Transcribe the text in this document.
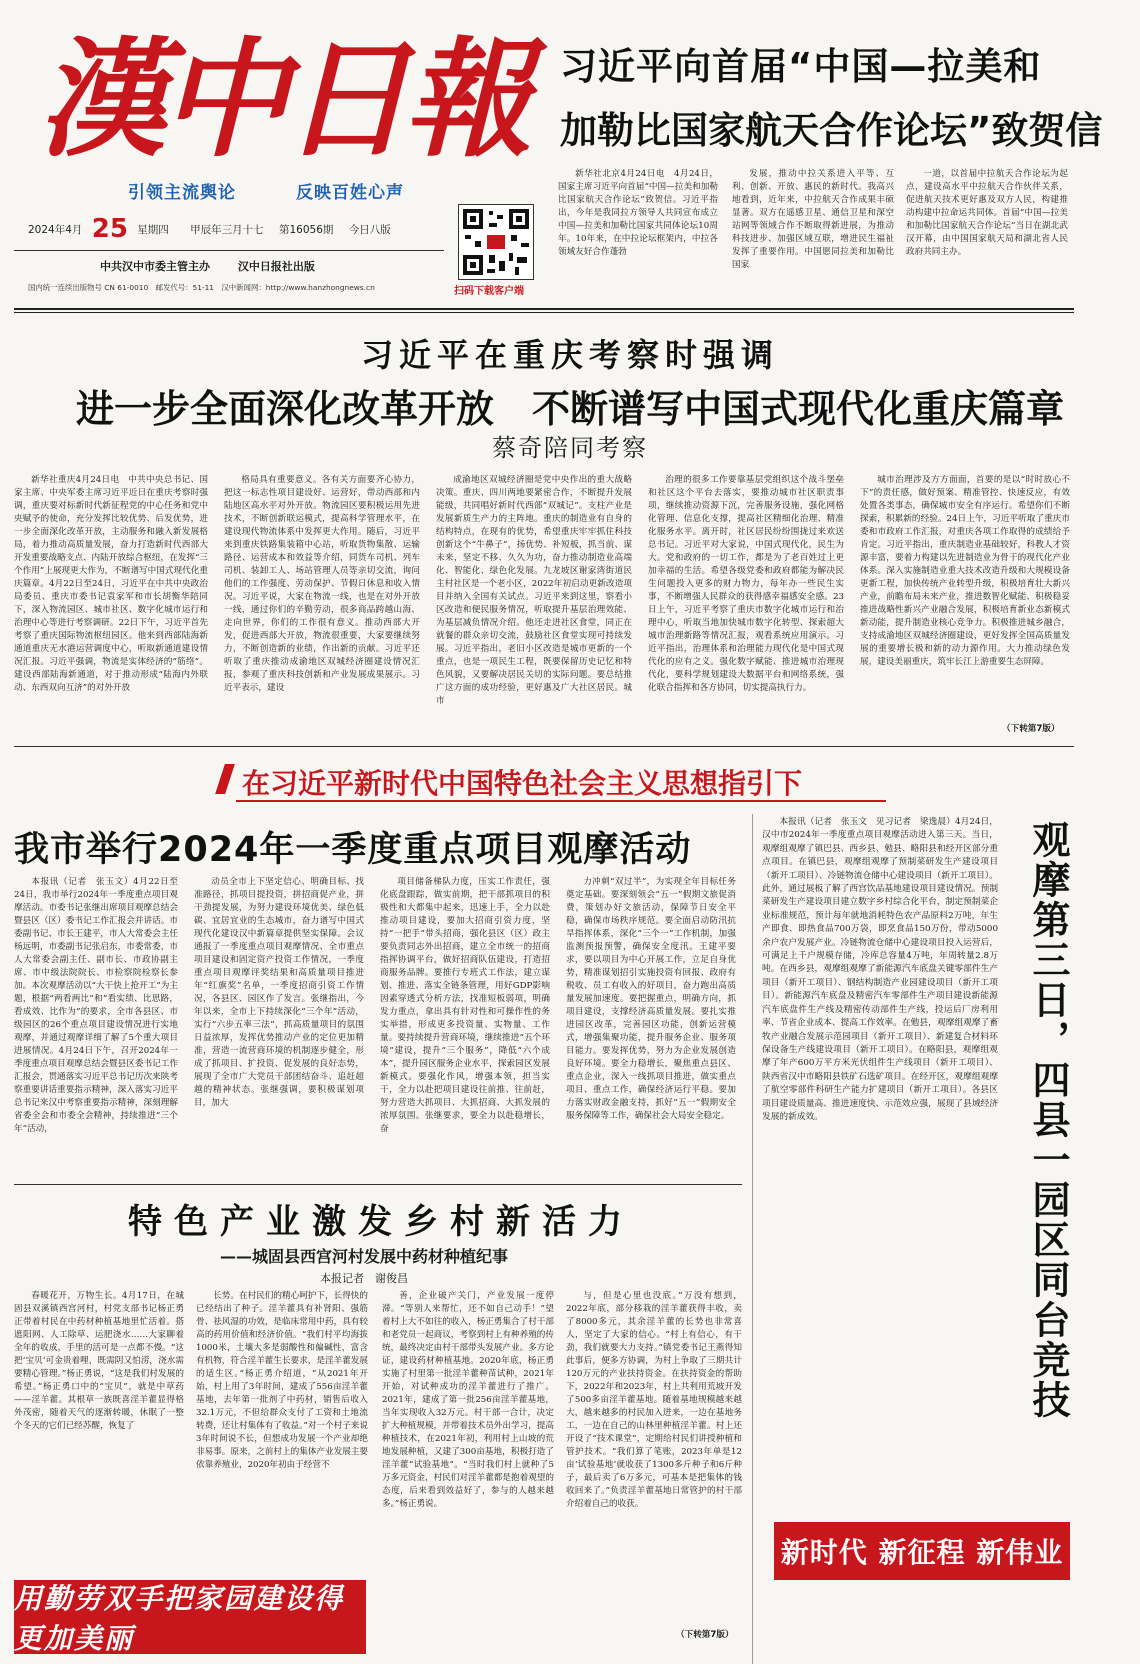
漢中日報
引领主流舆论	反映百姓心声
2024年4月 25 星期四 甲辰年三月十七 第16056期 今日八版
中共汉中市委主管主办	汉中日报社出版
国内统一连续出版物号 CN 61-0010　邮发代号：51-11　汉中新闻网：http://www.hanzhongnews.cn	扫码下载客户端
习近平向首届“中国—拉美和
加勒比国家航天合作论坛”致贺信

新华社北京4月24日电　4月24日，国家主席习近平向首届“中国—拉美和加勒比国家航天合作论坛”致贺信。习近平指出，今年是我同拉方领导人共同宣布成立中国—拉美和加勒比国家共同体论坛10周年。10年来，在中拉论坛框架内，中拉各领域友好合作蓬勃

发展，推动中拉关系进入平等、互利、创新、开放、惠民的新时代。我高兴地看到，近年来，中拉航天合作成果丰硕显著。双方在遥感卫星、通信卫星和深空站网等领域合作不断取得新进展，为推动科技进步、加强区域互联，增进民生福祉发挥了重要作用。中国愿同拉美和加勒比国家

一道，以首届中拉航天合作论坛为起点，建设高水平中拉航天合作伙伴关系，促进航天技术更好惠及双方人民，构建推动构建中拉命运共同体。首届“中国—拉美和加勒比国家航天合作论坛”当日在湖北武汉开幕，由中国国家航天局和湖北省人民政府共同主办。

习近平在重庆考察时强调
进一步全面深化改革开放　不断谱写中国式现代化重庆篇章
蔡奇陪同考察

新华社重庆4月24日电　中共中央总书记、国家主席、中央军委主席习近平近日在重庆考察时强调，重庆要对标新时代新征程党的中心任务和党中央赋予的使命，充分发挥比较优势、后发优势，进一步全面深化改革开放，主动服务和融入新发展格局，着力推动高质量发展，奋力打造新时代西部大开发重要战略支点、内陆开放综合枢纽，在发挥“三个作用”上展现更大作为，不断谱写中国式现代化重庆篇章。4月22日至24日，习近平在中共中央政治局委员、重庆市委书记袁家军和市长胡衡华陪同下，深入物流园区、城市社区、数字化城市运行和治理中心等进行考察调研。22日下午，习近平首先考察了重庆国际物流枢纽园区。他来到西部陆海新通道重庆无水港运营调度中心，听取新通道建设情况汇报。习近平强调，物流是实体经济的“筋络”。建设西部陆海新通道，对于推动形成“陆海内外联动、东西双向互济”的对外开放

格局具有重要意义。各有关方面要齐心协力，把这一标志性项目建设好、运营好，带动西部和内陆地区高水平对外开放。物流园区要积极运用先进技术，不断创新联运模式，提高科学管理水平，在建设现代物流体系中发挥更大作用。随后，习近平来到重庆铁路集装箱中心站，听取货物集散、运输路径、运营成本和效益等介绍，同货车司机、列车司机、装卸工人、场站管理人员等亲切交流，询问他们的工作强度、劳动保护、节假日休息和收入情况。习近平说，大家在物流一线，也是在对外开放一线，通过你们的辛勤劳动，很多商品跨越山海、走向世界，你们的工作很有意义。推动西部大开发，促进西部大开放，物流很重要，大家要继续努力，不断创造新的业绩，作出新的贡献。习近平还听取了重庆推动成渝地区双城经济圈建设情况汇报，参观了重庆科技创新和产业发展成果展示。习近平表示，建设

成渝地区双城经济圈是党中央作出的重大战略决策。重庆、四川两地要紧密合作，不断提升发展能级，共同唱好新时代西部“双城记”。支柱产业是发展新质生产力的主阵地。重庆的制造业有自身的结构特点，在现有的优势，希望重庆牢牢抓住科技创新这个“牛鼻子”，扬优势、补短板，抓当前、谋未来，坚定不移、久久为功，奋力推动制造业高端化、智能化、绿色化发展。九龙坡区谢家湾街道民主村社区是一个老小区，2022年初启动更新改造项目并纳入全国有关试点。习近平来到这里，察看小区改造和便民服务情况，听取提升基层治理效能、为基层减负情况介绍。他还走进社区食堂，同正在就餐的群众亲切交流，鼓励社区食堂实现可持续发展。习近平指出，老旧小区改造是城市更新的一个重点，也是一项民生工程，既要保留历史记忆和特色风貌，又要解决居民关切的实际问题。要总结推广这方面的成功经验，更好惠及广大社区居民。城市

治理的很多工作要靠基层党组织这个战斗堡垒和社区这个平台去落实，要推动城市社区职责事项，继续推动资源下沉，完善服务设施，强化网格化管理、信息化支撑，提高社区精细化治理、精准化服务水平。离开时，社区居民纷纷围拢过来欢送总书记。习近平对大家说，中国式现代化，民生为大。党和政府的一切工作，都是为了老百姓过上更加幸福的生活。希望各级党委和政府都能为解决民生问题投入更多的财力物力，每年办一些民生实事，不断增强人民群众的获得感幸福感安全感。23日上午，习近平考察了重庆市数字化城市运行和治理中心，听取当地加快城市数字化转型、探索超大城市治理新路等情况汇报，观看系统应用演示。习近平指出，治理体系和治理能力现代化是中国式现代化的应有之义。强化数字赋能、推进城市治理现代化，要科学规划建设大数据平台和网络系统，强化联合指挥和各方协同，切实提高执行力。

城市治理涉及方方面面，首要的是以“时时放心不下”的责任感，做好预案、精准管控、快速反应，有效处置各类事态，确保城市安全有序运行。希望你们不断探索，积累新的经验。24日上午，习近平听取了重庆市委和市政府工作汇报，对重庆各项工作取得的成绩给予肯定。习近平指出，重庆制造业基础较好，科教人才资源丰富，要着力构建以先进制造业为骨干的现代化产业体系。深入实施制造业重大技术改造升级和大规模设备更新工程，加快传统产业转型升级，积极培育壮大新兴产业，前瞻布局未来产业，推进数智化赋能、积极稳妥推进战略性新兴产业融合发展，积极培育新业态新模式新动能，提升制造业核心竞争力。积极推进城乡融合，支持成渝地区双城经济圈建设，更好发挥全国高质量发展的重要增长极和新的动力源作用。大力推动绿色发展，建设美丽重庆，筑牢长江上游重要生态屏障。

（下转第7版）
在习近平新时代中国特色社会主义思想指引下
我市举行2024年一季度重点项目观摩活动

本报讯（记者　张玉文）4月22日至24日，我市举行2024年一季度重点项目观摩活动。市委书记张继出席项目观摩总结会暨县区（区）委书记工作汇报会并讲话。市委副书记、市长王建平，市人大常委会主任杨远明，市委副书记张启东，市委常委，市人大常委会副主任、副市长、市政协副主席、市中级法院院长、市检察院检察长参加。本次观摩活动以“大干快上抢开工”为主题，根据“两看两比”和“看实绩、比思路，看成效、比作为”的要求，全市各县区、市级园区的26个重点项目建设情况进行实地观摩，并通过观摩详细了解了5个重大项目进展情况。4月24日下午，召开2024年一季度重点项目观摩总结会暨县区委书记工作汇报会，贯通落实习近平总书记历次来陕考察重要讲话重要指示精神，深入落实习近平总书记来汉中考察重要指示精神，深刻理解省委全会和市委全会精神，持续推进“三个年”活动，

动员全市上下坚定信心、明确目标、找准路径，抓项目提投资，拼招商促产业，拼干劲提发展，为努力建设环境优美、绿色低碳、宜居宜业的生态城市，奋力谱写中国式现代化建设汉中新篇章提供坚实保障。会议通报了一季度重点项目观摩情况、全市重点项目建设和固定资产投资工作情况，一季度重点项目观摩评奖结果和高质量项目推进年“红旗奖”名单，一季度招商引资工作情况，各县区、园区作了发言。张继指出，今年以来，全市上下持续深化“三个年”活动，实行“六步五率三法”，抓高质量项目的氛围日益浓厚，发挥优势推动产业的定位更加精准，营造一流营商环境的机制逐步健全，形成了抓项目、扩投资、促发展的良好态势，展现了全市广大党员干部团结奋斗、追赶超越的精神状态。张继强调，要积极谋划项目，加大

项目储备梯队力度，压实工作责任，强化底盘跟踪，做实前期，把干部抓项目的积极性和大都集中起来，迅速上手，全力以赴推动项目建设，要加大招商引资力度，坚持“一把手”带头招商，强化县区（区）政主要负责同志外出招商，建立全市统一的招商指挥协调平台，做好招商队伍建设，打造招商服务品牌。要推行专班式工作法，建立谋划、推进、落实全链条管理，用好GDP影响因素穿透式分析方法，找准短板弱项，明确发力重点，拿出具有针对性和可操作性的务实举措，形成更多投资量、实物量、工作量。要持续提升营商环境，继续推进“五个环境”建设，提升“三个服务”，降低“六个成本”，提升园区服务企业水平，探索园区发展新模式。要强化作风，增强本领，担当实干，全力以赴把项目建设往前推、往前赶，努力营造大抓项目、大抓招商、大抓发展的浓厚氛围。张继要求，要全力以赴稳增长，奋

力冲刺“双过半”，为实现全年目标任务奠定基础。要深刻领会“五一”假期文旅促消费，策划办好文旅活动，保障节日安全平稳，确保市场秩序规范。要全面启动防汛抗旱指挥体系，深化“三个一”工作机制，加强监测预报预警，确保安全度汛。王建平要求，要以项目为中心开展工作，立足自身优势，精准谋划招引实施投资有回报、政府有税收、员工有收入的好项目，奋力跑出高质量发展加速度。要把握重点，明确方向，抓项目建设，支撑经济高质量发展。要扎实推进园区改革，完善园区功能，创新运营模式，增强集聚功能，提升服务企业、服务项目能力。要发挥优势，努力为企业发展创造良好环境。要全力稳增长，聚焦重点县区、重点企业，深入一线抓项目推进，做实重点项目、重点工作，确保经济运行平稳。要加力落实财政金融支持，抓好“五一”假期安全服务保障等工作，确保社会大局安全稳定。

本报讯（记者　张玉文　见习记者　梁逸晨）4月24日，汉中市2024年一季度重点项目观摩活动进入第三天。当日，观摩组观摩了镇巴县、西乡县、勉县、略阳县和经开区部分重点项目。在镇巴县，观摩组观摩了预制菜研发生产建设项目（新开工项目）、冷链物流仓储中心建设项目（新开工项目）。此外，通过展板了解了西宫饮品基地建设项目建设情况。预制菜研发生产建设项目建立数字乡村综合化平台，制定预制菜企业标准规范，预计每年就地消耗特色农产品原料2万吨，年生产即食、即热食品700万袋，即烹食品150万份，带动5000余户农户发展产业。冷链物流仓储中心建设项目投入运营后，可满足上千户规模存储，冷库总容量4万吨，年周转量2.8万吨。在西乡县，观摩组观摩了新能源汽车底盘关键零部件生产项目（新开工项目）、钢结构制造产业园建设项目（新开工项目）。新能源汽车底盘及精密汽车零部件生产项目建设新能源汽车底盘件生产线及精密传动部件生产线，投运后厂房利用率、节省企业成本、提高工作效率。在勉县，观摩组观摩了畜牧产业融合发展示范园项目（新开工项目）、新建复合材料环保设备生产线建设项目（新开工项目）。在略阳县，观摩组观摩了年产600万平方米光伏组件生产线项目（新开工项目）、陕西省汉中市略阳县铁矿石选矿项目。在经开区，观摩组观摩了航空零部件科研生产能力扩建项目（新开工项目）。各县区项目建设质量高、推进速度快、示范效应强，展现了县域经济发展的新成效。	观摩第三日，四县一园区同台竞技
特色产业激发乡村新活力
——城固县西宫河村发展中药材种植纪事
本报记者　谢俊昌

春暖花开，万物生长。4月17日，在城固县双溪镇西宫河村，村党支部书记杨正勇正带着村民在中药材种植基地里忙活着。搭遮阳网、人工除草、运肥浇水……大家聊着全年的收成，手里的活可是一点都不慢。“这把‘宝贝’可金贵着哩，既需阴又怕涝，浇水需要精心管理。”杨正勇说，“这是我们村发展的希望。”杨正勇口中的“宝贝”，就是中草药——淫羊藿。其根草一族既喜淫羊藿显得格外茂密，随着天气的逐渐转暖，休眠了一整个冬天的它们已经苏醒，恢复了

长势。在村民们的精心呵护下，长得快的已经结出了种子。淫羊藿具有补肾阳、强筋骨、祛风湿的功效，是临床常用中药，具有较高的药用价值和经济价值。“我们村平均海拔1000米，土壤大多是弱酸性和偏碱性，富含有机物，符合淫羊藿生长要求，是淫羊藿发展的适生区。”杨正勇介绍道，“从2021年开始，村上用了3年时间，建成了556亩淫羊藿基地，去年第一批剂了中药材，销售后收入32.1万元，不但给群众支付了工资和土地流转费，还让村集体有了收益。”对一个村子来说3年时间说不长，但想成功发展一个产业却绝非易事。原来，之前村上的集体产业发展主要依靠养殖业，2020年初由于经营不

善，企业破产关门，产业发展一度停滞。“等别人来帮忙，还不如自己动手！”望着村上大不如往的收入，杨正勇集合了村干部和老党员一起商议，考察到村上有种养殖的传统，最终决定由村干部带头发展产业。多方论证，建设药材种植基地。2020年底，杨正勇实施了村里第一批淫羊藿种苗试种，2021年开始，对试种成功的淫羊藿进行了推广。2021年，建成了第一批256亩淫羊藿基地，当年实现收入32万元。村干部一合计，决定扩大种植规模，并带着技术员外出学习，提高种植技术，在2021年初，利用村上山坡的荒地发展种植，又建了300亩基地，积极打造了淫羊藿“试验基地”。“当时我们村上就种了5万多元资金，村民们对淫羊藿都是抱着观望的态度，后来看到效益好了，参与的人越来越多。”杨正勇说。

与，但是心里也没底。”万没有想到，2022年底，部分移栽的淫羊藿获得丰收，卖了8000多元，其余淫羊藿的长势也非常喜人，坚定了大家的信心。“村上有信心，有干劲，我们就要大力支持。”镇党委书记王燕得知此事后，便多方协调，为村上争取了三期共计120万元的产业扶持资金。在扶持资金的帮助下，2022年和2023年，村上共利用荒坡开发了500多亩淫羊藿基地。随着基地规模越来越大，越来越多的村民加入进来，一边在基地务工，一边在自己的山林里种植淫羊藿。村上还开设了“技术课堂”，定期给村民们讲授种植和管护技术。“我们算了笔账，2023年单是12亩‘试验基地’就收获了1300多斤种子和6斤种子，最后卖了6万多元，可基本是把集体的钱收回来了。”负责淫羊藿基地日常管护的村干部介绍着自己的收获。

（下转第7版）
用勤劳双手把家园建设得更加美丽
新时代 新征程 新伟业
